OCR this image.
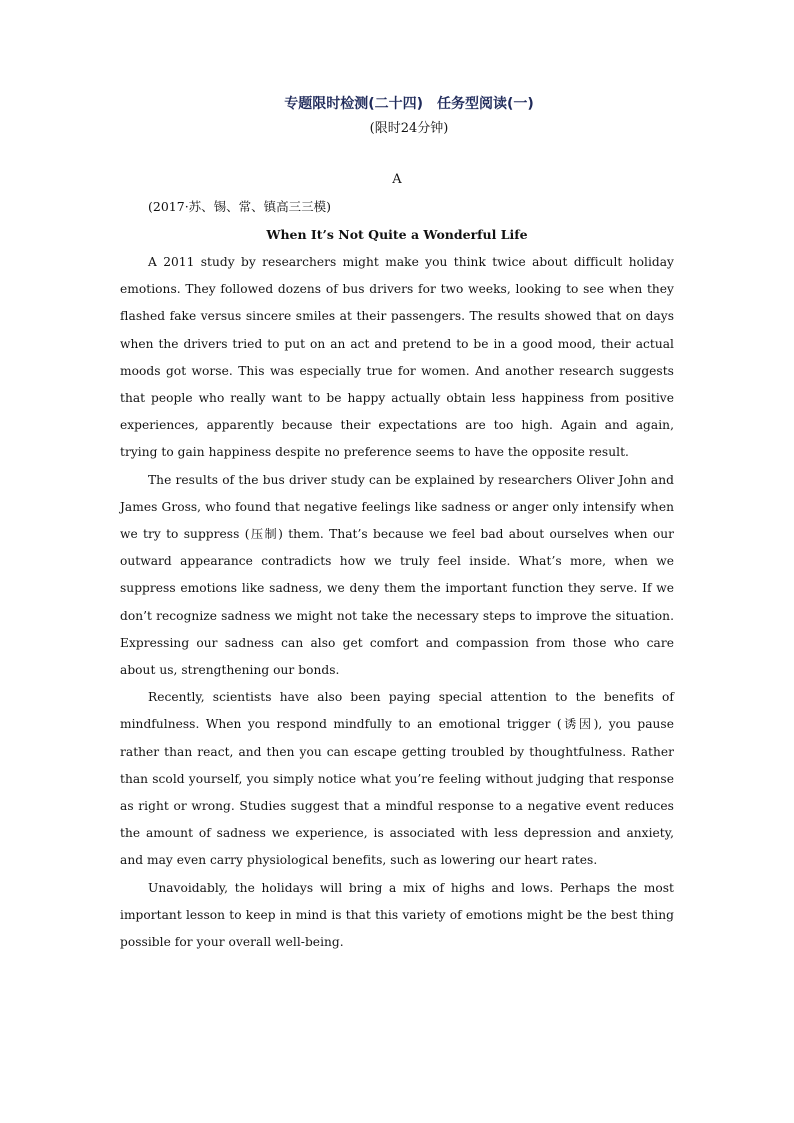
专题限时检测(二十四)　任务型阅读(一)
(限时24分钟)
A
(2017·苏、锡、常、镇高三三模)
When It’s Not Quite a Wonderful Life

A 2011 study by researchers might make you think twice about difficult holiday emotions. They followed dozens of bus drivers for two weeks, looking to see when they flashed fake versus sincere smiles at their passengers. The results showed that on days when the drivers tried to put on an act and pretend to be in a good mood, their actual moods got worse. This was especially true for women. And another research suggests that people who really want to be happy actually obtain less happiness from positive experiences, apparently because their expectations are too high. Again and again, trying to gain happiness despite no preference seems to have the opposite result.

The results of the bus driver study can be explained by researchers Oliver John and James Gross, who found that negative feelings like sadness or anger only intensify when we try to suppress (压制) them. That’s because we feel bad about ourselves when our outward appearance contradicts how we truly feel inside. What’s more, when we suppress emotions like sadness, we deny them the important function they serve. If we don’t recognize sadness we might not take the necessary steps to improve the situation. Expressing our sadness can also get comfort and compassion from those who care about us, strengthening our bonds.

Recently, scientists have also been paying special attention to the benefits of mindfulness. When you respond mindfully to an emotional trigger (诱因), you pause rather than react, and then you can escape getting troubled by thoughtfulness. Rather than scold yourself, you simply notice what you’re feeling without judging that response as right or wrong. Studies suggest that a mindful response to a negative event reduces the amount of sadness we experience, is associated with less depression and anxiety, and may even carry physiological benefits, such as lowering our heart rates.

Unavoidably, the holidays will bring a mix of highs and lows. Perhaps the most important lesson to keep in mind is that this variety of emotions might be the best thing possible for your overall well-being.
